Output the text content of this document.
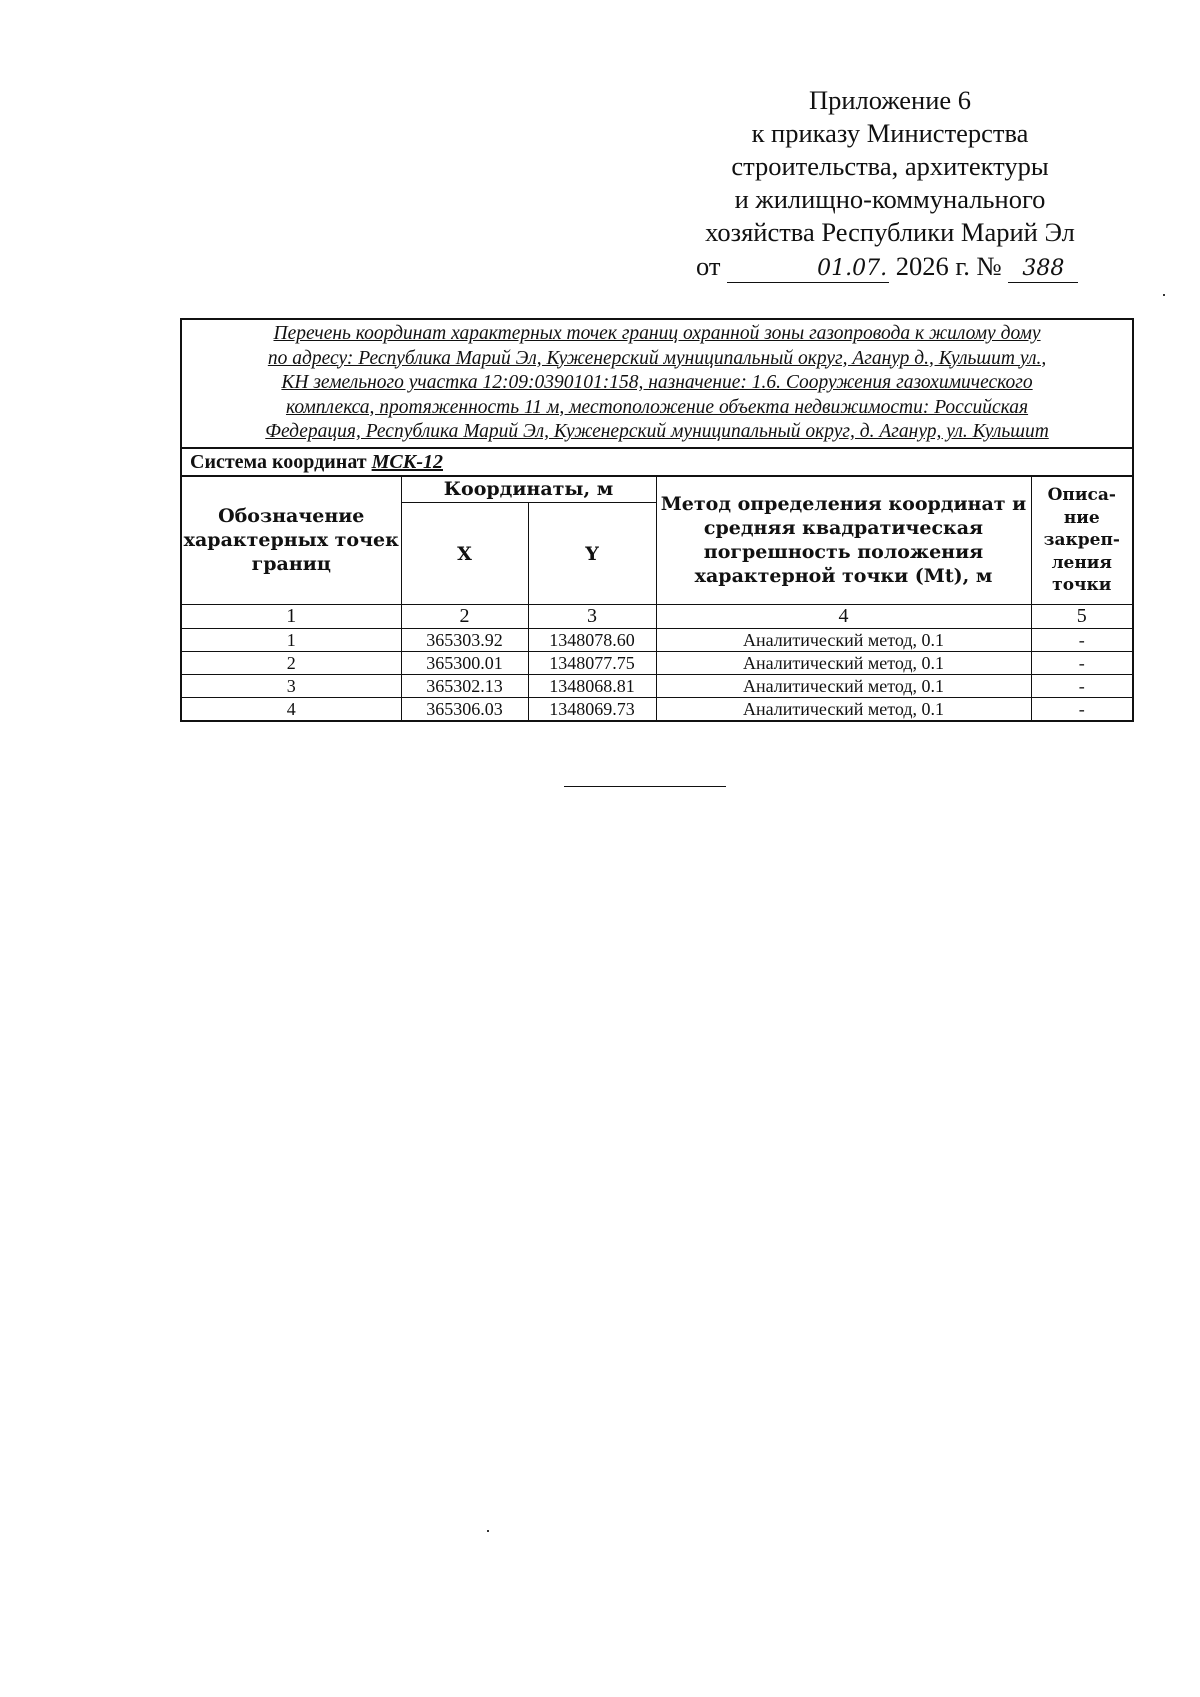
Приложение 6
к приказу Министерства
строительства, архитектуры
и жилищно-коммунального
хозяйства Республики Марий Эл
от	01.07. 2026 г. № 388
Перечень координат характерных точек границ охранной зоны газопровода к жилому дому
по адресу: Республика Марий Эл, Куженерский муниципальный округ, Аганур д., Кульшит ул.,
КН земельного участка 12:09:0390101:158, назначение: 1.6. Сооружения газохимического
комплекса, протяженность 11 м, местоположение объекта недвижимости: Российская
Федерация, Республика Марий Эл, Куженерский муниципальный округ, д. Аганур, ул. Кульшит				
Система координат МСК-12				
Обозначение характерных точек границ	Координаты, м		Метод определения координат и средняя квадратическая погрешность положения характерной точки (Mt), м	Описа-ние закреп-ления точки
	X	Y		
1	2	3	4	5
1	365303.92	1348078.60	Аналитический метод, 0.1	-
2	365300.01	1348077.75	Аналитический метод, 0.1	-
3	365302.13	1348068.81	Аналитический метод, 0.1	-
4	365306.03	1348069.73	Аналитический метод, 0.1	-
